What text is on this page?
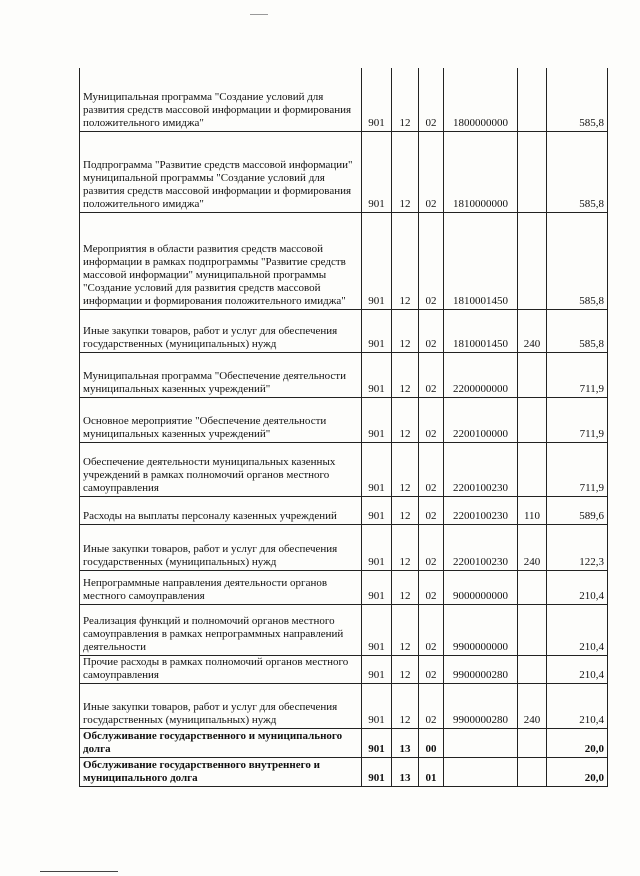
Муниципальная программа "Создание условий для развития средств массовой информации и формирования положительного имиджа"	901	12	02	1800000000		585,8
Подпрограмма "Развитие средств массовой информации" муниципальной программы "Создание условий для развития средств массовой информации и формирования положительного имиджа"	901	12	02	1810000000		585,8
Мероприятия в области развития средств массовой информации в рамках подпрограммы "Развитие средств массовой информации" муниципальной программы "Создание условий для развития средств массовой информации и формирования положительного имиджа"	901	12	02	1810001450		585,8
Иные закупки товаров, работ и услуг для обеспечения государственных (муниципальных) нужд	901	12	02	1810001450	240	585,8
Муниципальная программа "Обеспечение деятельности муниципальных казенных учреждений"	901	12	02	2200000000		711,9
Основное мероприятие "Обеспечение деятельности муниципальных казенных учреждений"	901	12	02	2200100000		711,9
Обеспечение деятельности муниципальных казенных учреждений в рамках полномочий органов местного самоуправления	901	12	02	2200100230		711,9
Расходы на выплаты персоналу казенных учреждений	901	12	02	2200100230	110	589,6
Иные закупки товаров, работ и услуг для обеспечения государственных (муниципальных) нужд	901	12	02	2200100230	240	122,3
Непрограммные направления деятельности органов местного самоуправления	901	12	02	9000000000		210,4
Реализация функций и полномочий органов местного самоуправления в рамках непрограммных направлений деятельности	901	12	02	9900000000		210,4
Прочие расходы в рамках полномочий органов местного самоуправления	901	12	02	9900000280		210,4
Иные закупки товаров, работ и услуг для обеспечения государственных (муниципальных) нужд	901	12	02	9900000280	240	210,4
Обслуживание государственного и муниципального долга	901	13	00			20,0
Обслуживание государственного внутреннего и муниципального долга	901	13	01			20,0
